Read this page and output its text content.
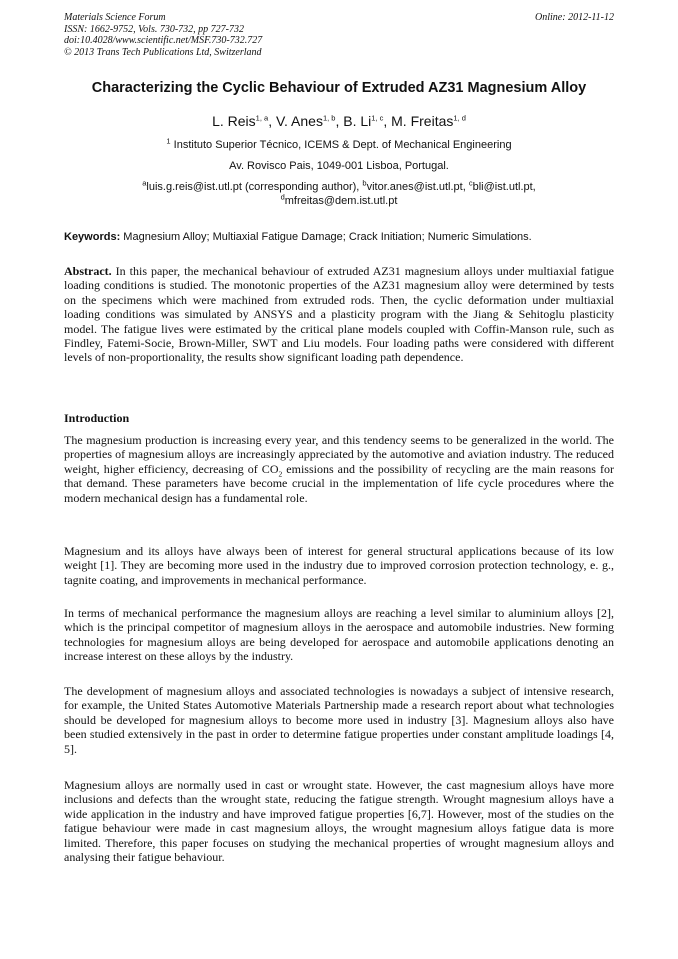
Materials Science Forum
ISSN: 1662-9752, Vols. 730-732, pp 727-732
doi:10.4028/www.scientific.net/MSF.730-732.727
© 2013 Trans Tech Publications Ltd, Switzerland
Online: 2012-11-12
Characterizing the Cyclic Behaviour of Extruded AZ31 Magnesium Alloy
L. Reis$^{1, a}$, V. Anes$^{1, b}$, B. Li$^{1, c}$, M. Freitas$^{1, d}$
$^1$ Instituto Superior Técnico, ICEMS & Dept. of Mechanical Engineering
Av. Rovisco Pais, 1049-001 Lisboa, Portugal.
$^a$luis.g.reis@ist.utl.pt (corresponding author), $^b$vitor.anes@ist.utl.pt, $^c$bli@ist.utl.pt,
$^d$mfreitas@dem.ist.utl.pt
Keywords: Magnesium Alloy; Multiaxial Fatigue Damage; Crack Initiation; Numeric Simulations.
Abstract. In this paper, the mechanical behaviour of extruded AZ31 magnesium alloys under multiaxial fatigue loading conditions is studied. The monotonic properties of the AZ31 magnesium alloy were determined by tests on the specimens which were machined from extruded rods. Then, the cyclic deformation under multiaxial loading conditions was simulated by ANSYS and a plasticity program with the Jiang & Sehitoglu plasticity model. The fatigue lives were estimated by the critical plane models coupled with Coffin-Manson rule, such as Findley, Fatemi-Socie, Brown-Miller, SWT and Liu models. Four loading paths were considered with different levels of non-proportionality, the results show significant loading path dependence.
Introduction
The magnesium production is increasing every year, and this tendency seems to be generalized in the world. The properties of magnesium alloys are increasingly appreciated by the automotive and aviation industry. The reduced weight, higher efficiency, decreasing of $CO_2$ emissions and the possibility of recycling are the main reasons for that demand. These parameters have become crucial in the implementation of life cycle procedures where the modern mechanical design has a fundamental role.
Magnesium and its alloys have always been of interest for general structural applications because of its low weight [1]. They are becoming more used in the industry due to improved corrosion protection technology, e. g., tagnite coating, and improvements in mechanical performance.
In terms of mechanical performance the magnesium alloys are reaching a level similar to aluminium alloys [2], which is the principal competitor of magnesium alloys in the aerospace and automobile industries. New forming technologies for magnesium alloys are being developed for aerospace and automobile applications denoting an increase interest on these alloys by the industry.
The development of magnesium alloys and associated technologies is nowadays a subject of intensive research, for example, the United States Automotive Materials Partnership made a research report about what technologies should be developed for magnesium alloys to become more used in industry [3]. Magnesium alloys also have been studied extensively in the past in order to determine fatigue properties under constant amplitude loadings [4, 5].
Magnesium alloys are normally used in cast or wrought state. However, the cast magnesium alloys have more inclusions and defects than the wrought state, reducing the fatigue strength. Wrought magnesium alloys have a wide application in the industry and have improved fatigue properties [6,7]. However, most of the studies on the fatigue behaviour were made in cast magnesium alloys, the wrought magnesium alloys fatigue data is more limited. Therefore, this paper focuses on studying the mechanical properties of wrought magnesium alloys and analysing their fatigue behaviour.
